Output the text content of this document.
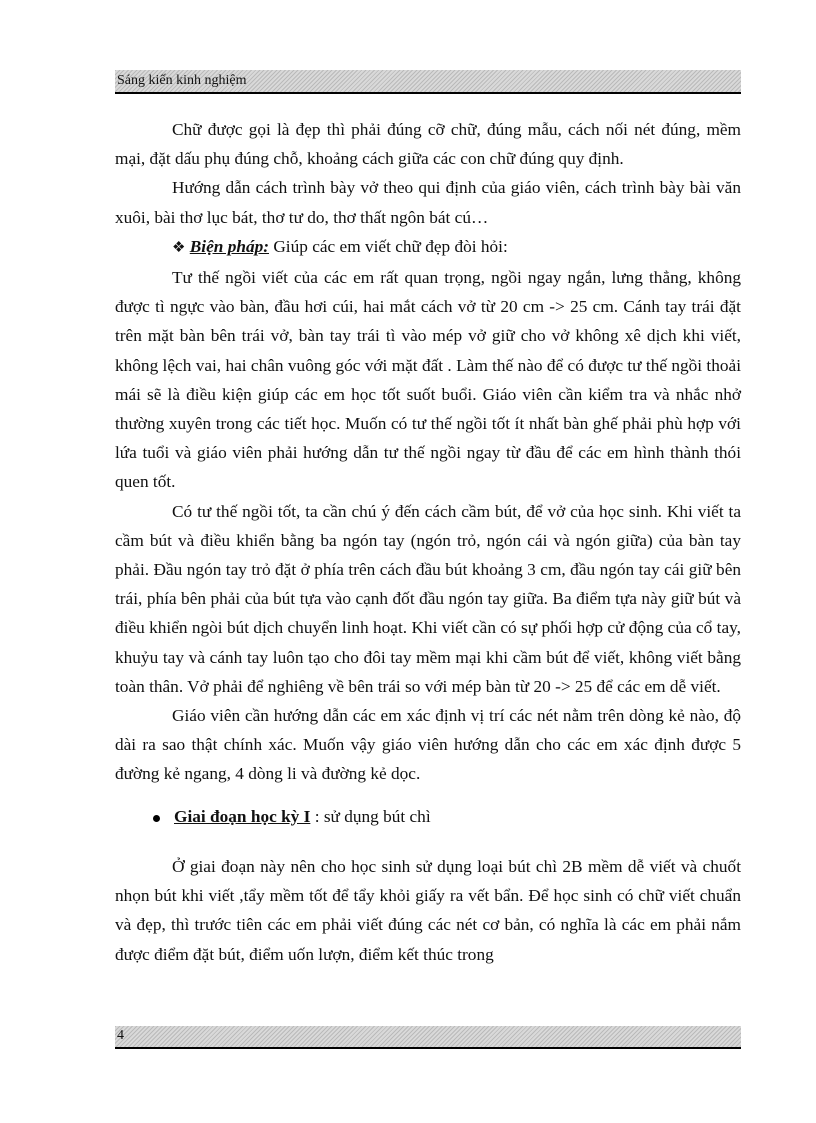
Sáng kiến kinh nghiệm

Chữ được gọi là đẹp thì phải đúng cỡ chữ, đúng mẫu, cách nối nét đúng, mềm mại, đặt dấu phụ đúng chỗ, khoảng cách giữa các con chữ đúng quy định.

Hướng dẫn cách trình bày vở theo qui định của giáo viên, cách trình bày bài văn xuôi, bài thơ lục bát, thơ tư do, thơ thất ngôn bát cú…

❖ Biện pháp: Giúp các em viết chữ đẹp đòi hỏi:

Tư thế ngồi viết của các em rất quan trọng, ngồi ngay ngắn, lưng thẳng, không được tì ngực vào bàn, đầu hơi cúi, hai mắt cách vở từ 20 cm -> 25 cm. Cánh tay trái đặt trên mặt bàn bên trái vở, bàn tay trái tì vào mép vở giữ cho vở không xê dịch khi viết, không lệch vai, hai chân vuông góc với mặt đất . Làm thế nào để có được tư thế ngồi thoải mái sẽ là điều kiện giúp các em học tốt suốt buổi. Giáo viên cần kiểm tra và nhắc nhở thường xuyên trong các tiết học. Muốn có tư thế ngồi tốt ít nhất bàn ghế phải phù hợp với lứa tuổi và giáo viên phải hướng dẫn tư thế ngồi ngay từ đầu để các em hình thành thói quen tốt.

Có tư thế ngồi tốt, ta cần chú ý đến cách cầm bút, để vở của học sinh. Khi viết ta cầm bút và điều khiển bằng ba ngón tay (ngón trỏ, ngón cái và ngón giữa) của bàn tay phải. Đầu ngón tay trỏ đặt ở phía trên cách đầu bút khoảng 3 cm, đầu ngón tay cái giữ bên trái, phía bên phải của bút tựa vào cạnh đốt đầu ngón tay giữa. Ba điểm tựa này giữ bút và điều khiển ngòi bút dịch chuyển linh hoạt. Khi viết cần có sự phối hợp cử động của cổ tay, khuỷu tay và cánh tay luôn tạo cho đôi tay mềm mại khi cầm bút để viết, không viết bằng toàn thân. Vở phải để nghiêng về bên trái so với mép bàn từ 20 -> 25 để các em dễ viết.

Giáo viên cần hướng dẫn các em xác định vị trí các nét nằm trên dòng kẻ nào, độ dài ra sao thật chính xác. Muốn vậy giáo viên hướng dẫn cho các em xác định được 5 đường kẻ ngang, 4 dòng li và đường kẻ dọc.

Giai đoạn học kỳ I : sử dụng bút chì

Ở giai đoạn này nên cho học sinh sử dụng loại bút chì 2B mềm dễ viết và chuốt nhọn bút khi viết ,tẩy mềm tốt để tẩy khỏi giấy ra vết bẩn. Để học sinh có chữ viết chuẩn và đẹp, thì trước tiên các em phải viết đúng các nét cơ bản, có nghĩa là các em phải nắm được điểm đặt bút, điểm uốn lượn, điểm kết thúc trong

4
